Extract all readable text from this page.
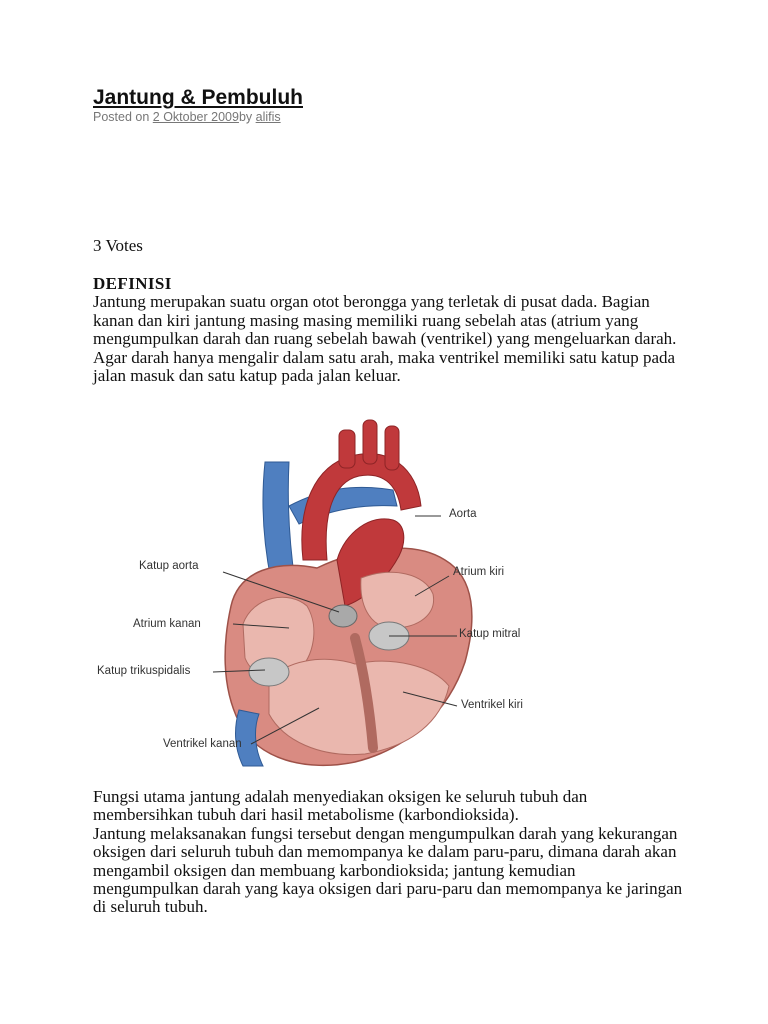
Jantung & Pembuluh
Posted on 2 Oktober 2009by alifis
3 Votes
DEFINISI
Jantung merupakan suatu organ otot berongga yang terletak di pusat dada. Bagian kanan dan kiri jantung masing masing memiliki ruang sebelah atas (atrium yang mengumpulkan darah dan ruang sebelah bawah (ventrikel) yang mengeluarkan darah.
Agar darah hanya mengalir dalam satu arah, maka ventrikel memiliki satu katup pada jalan masuk dan satu katup pada jalan keluar.
Aorta
Katup aorta	Atrium kiri
Atrium kanan
Katup mitral
Katup trikuspidalis
Ventrikel kiri
Ventrikel kanan
Fungsi utama jantung adalah menyediakan oksigen ke seluruh tubuh dan membersihkan tubuh dari hasil metabolisme (karbondioksida).
Jantung melaksanakan fungsi tersebut dengan mengumpulkan darah yang kekurangan oksigen dari seluruh tubuh dan memompanya ke dalam paru-paru, dimana darah akan mengambil oksigen dan membuang karbondioksida; jantung kemudian mengumpulkan darah yang kaya oksigen dari paru-paru dan memompanya ke jaringan di seluruh tubuh.
